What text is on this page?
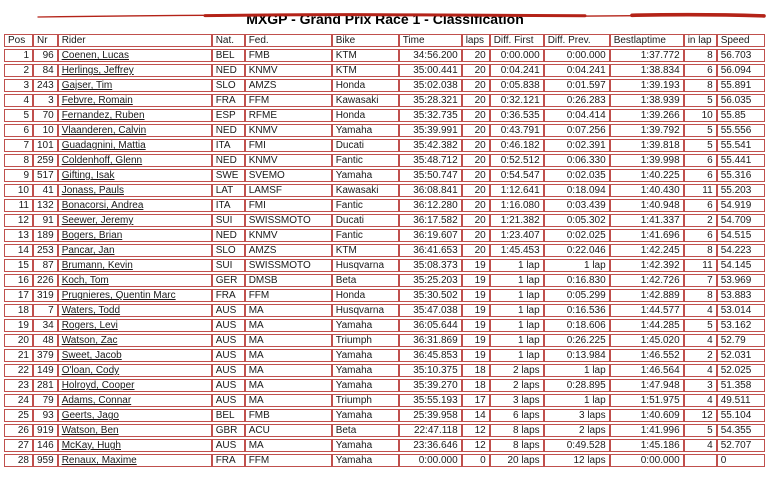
MXGP - Grand Prix Race 1 - Classification
Pos	Nr	Rider	Nat.	Fed.	Bike	Time	laps	Diff. First	Diff. Prev.	Bestlaptime	in lap	Speed
1	96	Coenen, Lucas	BEL	FMB	KTM	34:56.200	20	0:00.000	0:00.000	1:37.772	8	56.703
2	84	Herlings, Jeffrey	NED	KNMV	KTM	35:00.441	20	0:04.241	0:04.241	1:38.834	6	56.094
3	243	Gajser, Tim	SLO	AMZS	Honda	35:02.038	20	0:05.838	0:01.597	1:39.193	8	55.891
4	3	Febvre, Romain	FRA	FFM	Kawasaki	35:28.321	20	0:32.121	0:26.283	1:38.939	5	56.035
5	70	Fernandez, Ruben	ESP	RFME	Honda	35:32.735	20	0:36.535	0:04.414	1:39.266	10	55.85
6	10	Vlaanderen, Calvin	NED	KNMV	Yamaha	35:39.991	20	0:43.791	0:07.256	1:39.792	5	55.556
7	101	Guadagnini, Mattia	ITA	FMI	Ducati	35:42.382	20	0:46.182	0:02.391	1:39.818	5	55.541
8	259	Coldenhoff, Glenn	NED	KNMV	Fantic	35:48.712	20	0:52.512	0:06.330	1:39.998	6	55.441
9	517	Gifting, Isak	SWE	SVEMO	Yamaha	35:50.747	20	0:54.547	0:02.035	1:40.225	6	55.316
10	41	Jonass, Pauls	LAT	LAMSF	Kawasaki	36:08.841	20	1:12.641	0:18.094	1:40.430	11	55.203
11	132	Bonacorsi, Andrea	ITA	FMI	Fantic	36:12.280	20	1:16.080	0:03.439	1:40.948	6	54.919
12	91	Seewer, Jeremy	SUI	SWISSMOTO	Ducati	36:17.582	20	1:21.382	0:05.302	1:41.337	2	54.709
13	189	Bogers, Brian	NED	KNMV	Fantic	36:19.607	20	1:23.407	0:02.025	1:41.696	6	54.515
14	253	Pancar, Jan	SLO	AMZS	KTM	36:41.653	20	1:45.453	0:22.046	1:42.245	8	54.223
15	87	Brumann, Kevin	SUI	SWISSMOTO	Husqvarna	35:08.373	19	1 lap	1 lap	1:42.392	11	54.145
16	226	Koch, Tom	GER	DMSB	Beta	35:25.203	19	1 lap	0:16.830	1:42.726	7	53.969
17	319	Prugnieres, Quentin Marc	FRA	FFM	Honda	35:30.502	19	1 lap	0:05.299	1:42.889	8	53.883
18	7	Waters, Todd	AUS	MA	Husqvarna	35:47.038	19	1 lap	0:16.536	1:44.577	4	53.014
19	34	Rogers, Levi	AUS	MA	Yamaha	36:05.644	19	1 lap	0:18.606	1:44.285	5	53.162
20	48	Watson, Zac	AUS	MA	Triumph	36:31.869	19	1 lap	0:26.225	1:45.020	4	52.79
21	379	Sweet, Jacob	AUS	MA	Yamaha	36:45.853	19	1 lap	0:13.984	1:46.552	2	52.031
22	149	O'loan, Cody	AUS	MA	Yamaha	35:10.375	18	2 laps	1 lap	1:46.564	4	52.025
23	281	Holroyd, Cooper	AUS	MA	Yamaha	35:39.270	18	2 laps	0:28.895	1:47.948	3	51.358
24	79	Adams, Connar	AUS	MA	Triumph	35:55.193	17	3 laps	1 lap	1:51.975	4	49.511
25	93	Geerts, Jago	BEL	FMB	Yamaha	25:39.958	14	6 laps	3 laps	1:40.609	12	55.104
26	919	Watson, Ben	GBR	ACU	Beta	22:47.118	12	8 laps	2 laps	1:41.996	5	54.355
27	146	McKay, Hugh	AUS	MA	Yamaha	23:36.646	12	8 laps	0:49.528	1:45.186	4	52.707
28	959	Renaux, Maxime	FRA	FFM	Yamaha	0:00.000	0	20 laps	12 laps	0:00.000		0
